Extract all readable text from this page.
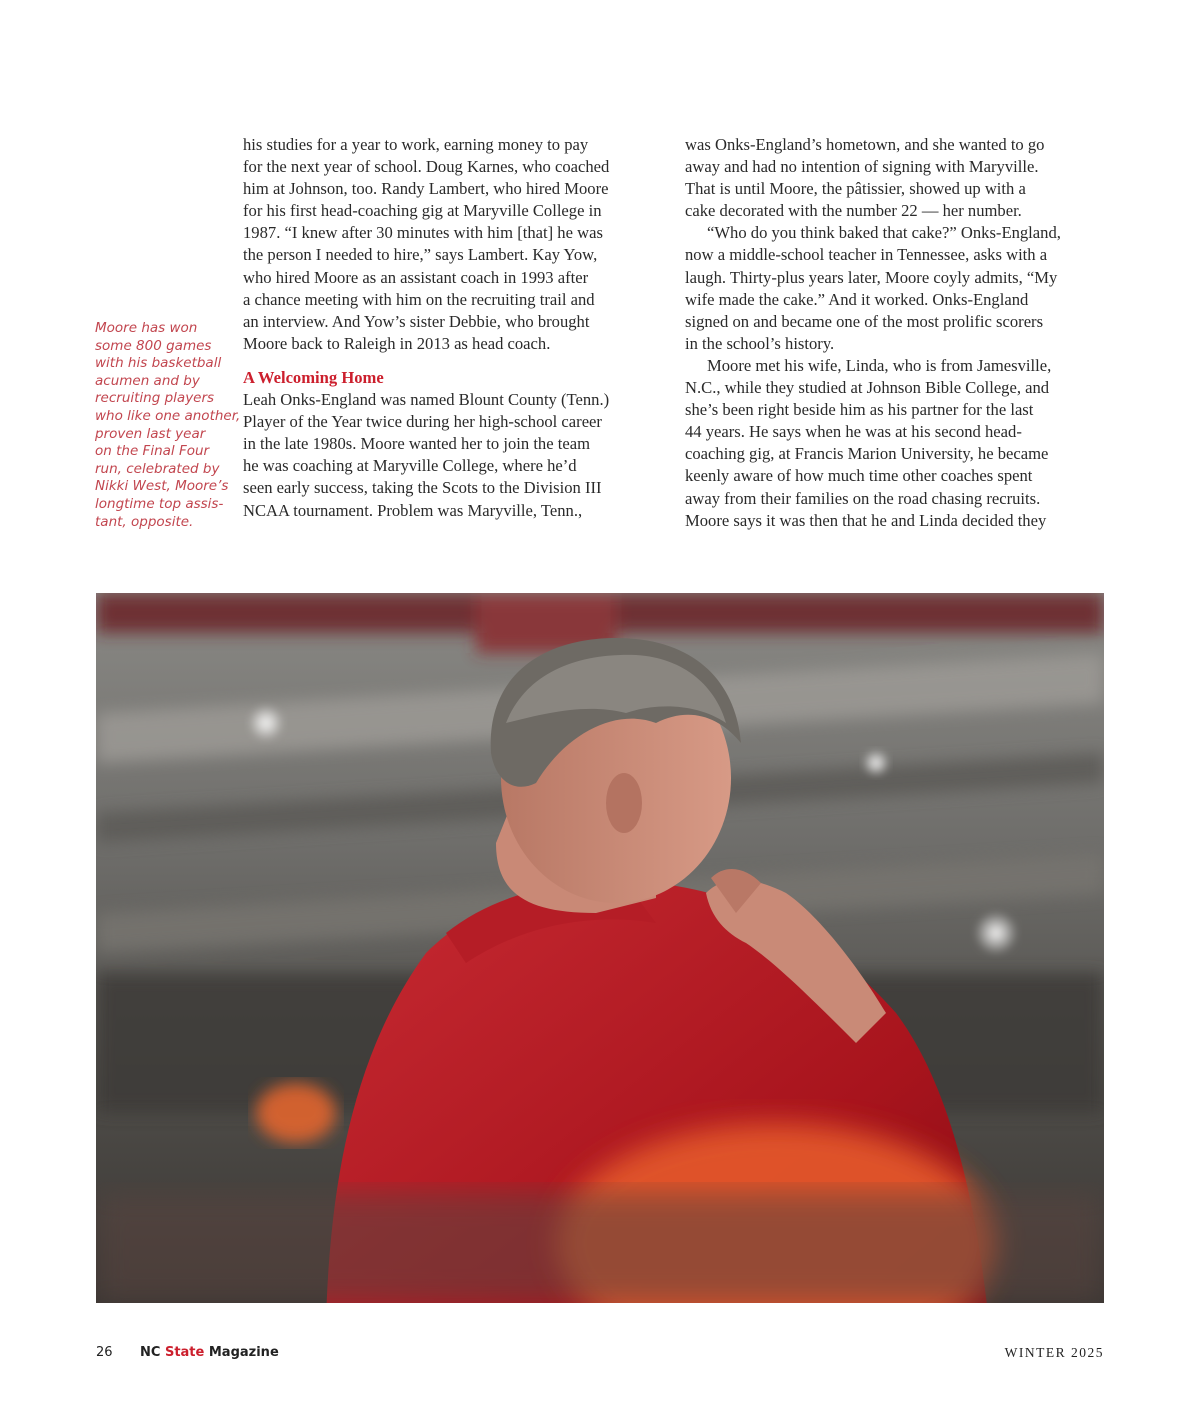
Moore has won
some 800 games
with his basketball
acumen and by
recruiting players
who like one another,
proven last year
on the Final Four
run, celebrated by
Nikki West, Moore’s
longtime top assis-
tant, opposite.
his studies for a year to work, earning money to pay
for the next year of school. Doug Karnes, who coached
him at Johnson, too. Randy Lambert, who hired Moore
for his first head-coaching gig at Maryville College in
1987. “I knew after 30 minutes with him [that] he was
the person I needed to hire,” says Lambert. Kay Yow,
who hired Moore as an assistant coach in 1993 after
a chance meeting with him on the recruiting trail and
an interview. And Yow’s sister Debbie, who brought
Moore back to Raleigh in 2013 as head coach.
A Welcoming Home
Leah Onks-England was named Blount County (Tenn.)
Player of the Year twice during her high-school career
in the late 1980s. Moore wanted her to join the team
he was coaching at Maryville College, where he’d
seen early success, taking the Scots to the Division III
NCAA tournament. Problem was Maryville, Tenn.,
was Onks-England’s hometown, and she wanted to go
away and had no intention of signing with Maryville.
That is until Moore, the pâtissier, showed up with a
cake decorated with the number 22 — her number.
“Who do you think baked that cake?” Onks-England,
now a middle-school teacher in Tennessee, asks with a
laugh. Thirty-plus years later, Moore coyly admits, “My
wife made the cake.” And it worked. Onks-England
signed on and became one of the most prolific scorers
in the school’s history.
Moore met his wife, Linda, who is from Jamesville,
N.C., while they studied at Johnson Bible College, and
she’s been right beside him as his partner for the last
44 years. He says when he was at his second head-
coaching gig, at Francis Marion University, he became
keenly aware of how much time other coaches spent
away from their families on the road chasing recruits.
Moore says it was then that he and Linda decided they
26 NC State Magazine	WINTER 2025
